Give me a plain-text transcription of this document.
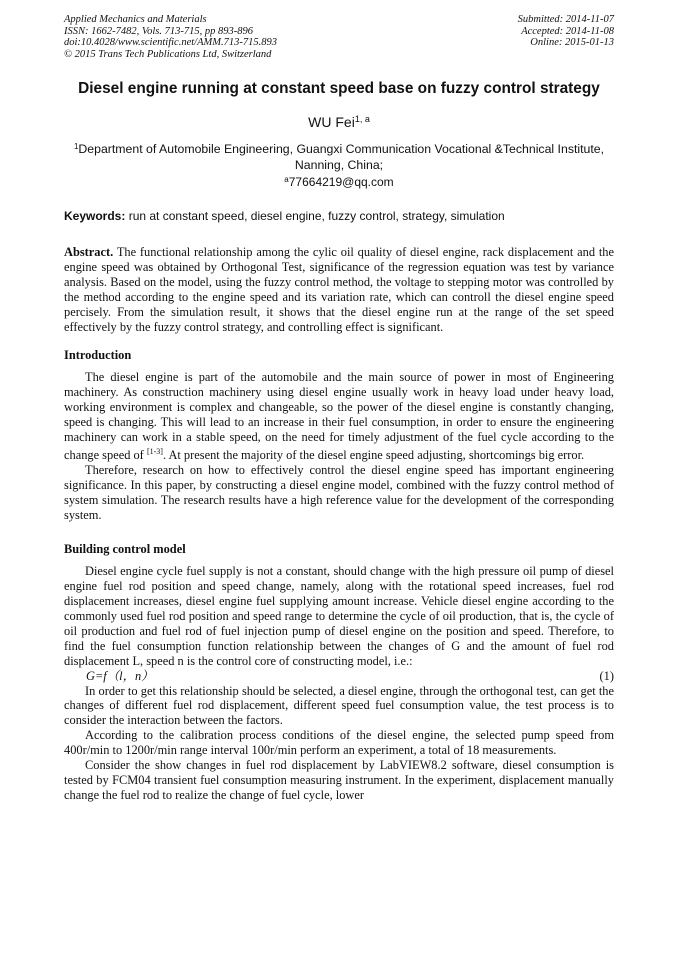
Applied Mechanics and Materials
ISSN: 1662-7482, Vols. 713-715, pp 893-896
doi:10.4028/www.scientific.net/AMM.713-715.893
© 2015 Trans Tech Publications Ltd, Switzerland
Submitted: 2014-11-07
Accepted: 2014-11-08
Online: 2015-01-13
Diesel engine running at constant speed base on fuzzy control strategy
WU Fei$^{1, a}$
$^1$Department of Automobile Engineering, Guangxi Communication Vocational &Technical Institute, Nanning, China;
$^a$77664219@qq.com
Keywords: run at constant speed, diesel engine, fuzzy control, strategy, simulation

Abstract. The functional relationship among the cylic oil quality of diesel engine, rack displacement and the engine speed was obtained by Orthogonal Test, significance of the regression equation was test by variance analysis. Based on the model, using the fuzzy control method, the voltage to stepping motor was controlled by the method according to the engine speed and its variation rate, which can controll the diesel engine speed percisely. From the simulation result, it shows that the diesel engine run at the range of the set speed effectively by the fuzzy control strategy, and controlling effect is significant.

Introduction

The diesel engine is part of the automobile and the main source of power in most of Engineering machinery. As construction machinery using diesel engine usually work in heavy load under heavy load, working environment is complex and changeable, so the power of the diesel engine is constantly changing, speed is changing. This will lead to an increase in their fuel consumption, in order to ensure the engineering machinery can work in a stable speed, on the need for timely adjustment of the fuel cycle according to the change speed of [1-3]. At present the majority of the diesel engine speed adjusting, shortcomings big error.

Therefore, research on how to effectively control the diesel engine speed has important engineering significance. In this paper, by constructing a diesel engine model, combined with the fuzzy control method of system simulation. The research results have a high reference value for the development of the corresponding system.

Building control model

Diesel engine cycle fuel supply is not a constant, should change with the high pressure oil pump of diesel engine fuel rod position and speed change, namely, along with the rotational speed increases, fuel rod displacement increases, diesel engine fuel supplying amount increase. Vehicle diesel engine according to the commonly used fuel rod position and speed range to determine the cycle of oil production, that is, the cycle of oil production and fuel rod of fuel injection pump of diesel engine on the position and speed. Therefore, to find the fuel consumption function relationship between the changes of G and the amount of fuel rod displacement L, speed n is the control core of constructing model, i.e.:

G=f（l，n）	(1)

In order to get this relationship should be selected, a diesel engine, through the orthogonal test, can get the changes of different fuel rod displacement, different speed fuel consumption value, the test process is to consider the interaction between the factors.

According to the calibration process conditions of the diesel engine, the selected pump speed from 400r/min to 1200r/min range interval 100r/min perform an experiment, a total of 18 measurements.

Consider the show changes in fuel rod displacement by LabVIEW8.2 software, diesel consumption is tested by FCM04 transient fuel consumption measuring instrument. In the experiment, displacement manually change the fuel rod to realize the change of fuel cycle, lower
